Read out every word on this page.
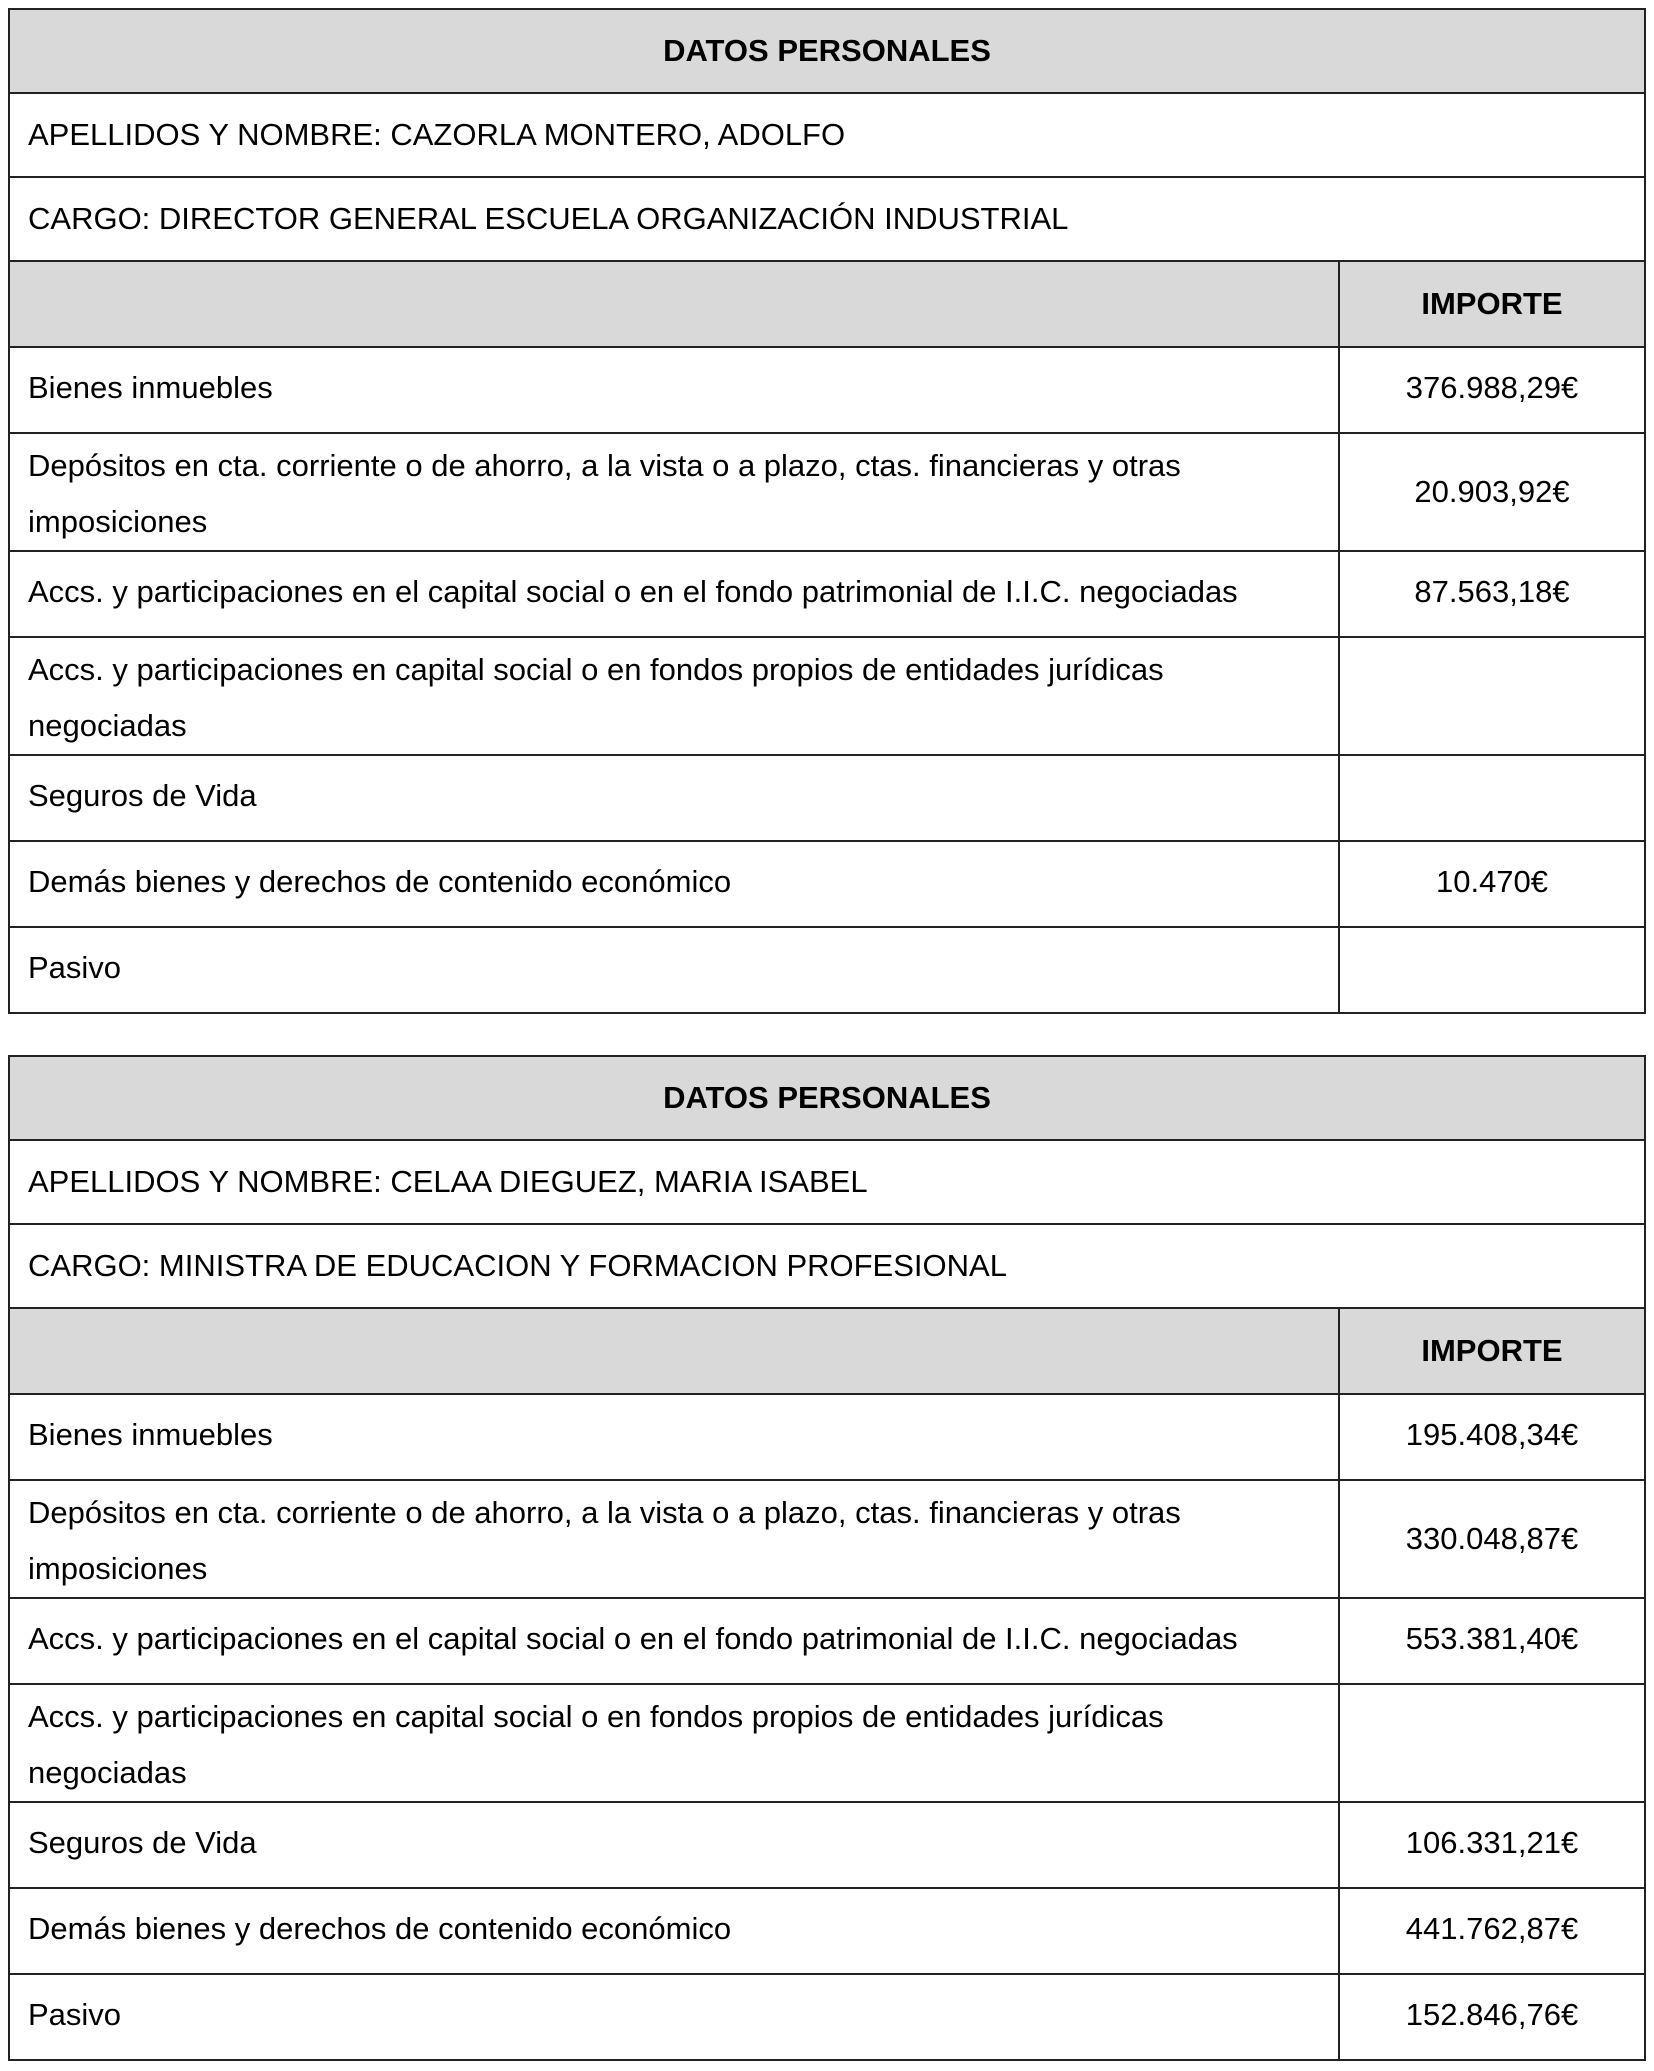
DATOS PERSONALES
APELLIDOS Y NOMBRE: CAZORLA MONTERO, ADOLFO
CARGO: DIRECTOR GENERAL ESCUELA ORGANIZACIÓN INDUSTRIAL
	IMPORTE
Bienes inmuebles	376.988,29€
Depósitos en cta. corriente o de ahorro, a la vista o a plazo, ctas. financieras y otras imposiciones	20.903,92€
Accs. y participaciones en el capital social o en el fondo patrimonial de I.I.C. negociadas	87.563,18€
Accs. y participaciones en capital social o en fondos propios de entidades jurídicas negociadas	
Seguros de Vida	
Demás bienes y derechos de contenido económico	10.470€
Pasivo	
DATOS PERSONALES
APELLIDOS Y NOMBRE: CELAA DIEGUEZ, MARIA ISABEL
CARGO: MINISTRA DE EDUCACION Y FORMACION PROFESIONAL
	IMPORTE
Bienes inmuebles	195.408,34€
Depósitos en cta. corriente o de ahorro, a la vista o a plazo, ctas. financieras y otras imposiciones	330.048,87€
Accs. y participaciones en el capital social o en el fondo patrimonial de I.I.C. negociadas	553.381,40€
Accs. y participaciones en capital social o en fondos propios de entidades jurídicas negociadas	
Seguros de Vida	106.331,21€
Demás bienes y derechos de contenido económico	441.762,87€
Pasivo	152.846,76€
